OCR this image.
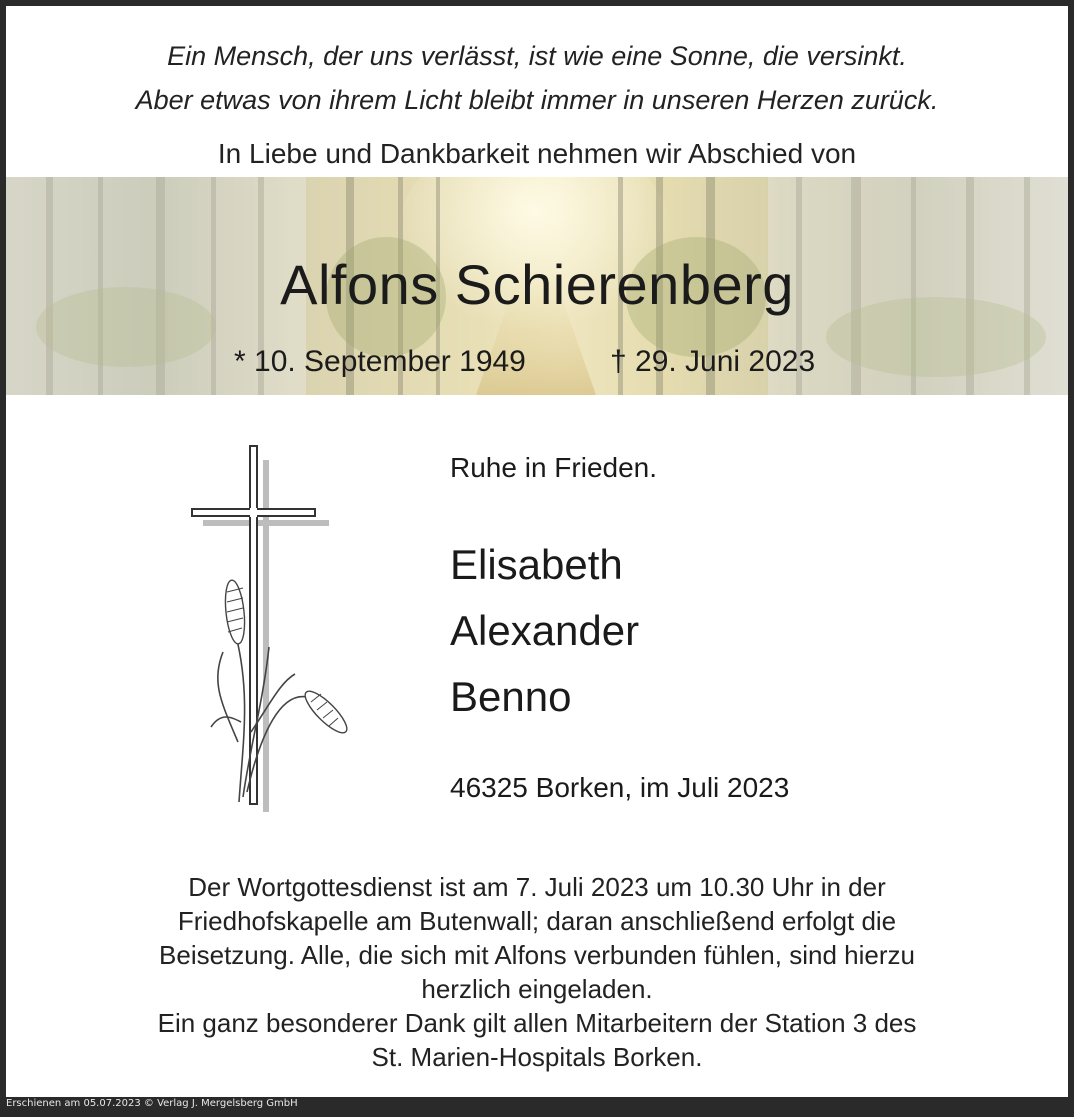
Ein Mensch, der uns verlässt, ist wie eine Sonne, die versinkt.
Aber etwas von ihrem Licht bleibt immer in unseren Herzen zurück.
In Liebe und Dankbarkeit nehmen wir Abschied von
Alfons Schierenberg
* 10. September 1949	† 29. Juni 2023
Ruhe in Frieden.
Elisabeth
Alexander
Benno
46325 Borken, im Juli 2023
Der Wortgottesdienst ist am 7. Juli 2023 um 10.30 Uhr in der
Friedhofskapelle am Butenwall; daran anschließend erfolgt die
Beisetzung. Alle, die sich mit Alfons verbunden fühlen, sind hierzu
herzlich eingeladen.
Ein ganz besonderer Dank gilt allen Mitarbeitern der Station 3 des
St. Marien-Hospitals Borken.
Erschienen am 05.07.2023 © Verlag J. Mergelsberg GmbH
